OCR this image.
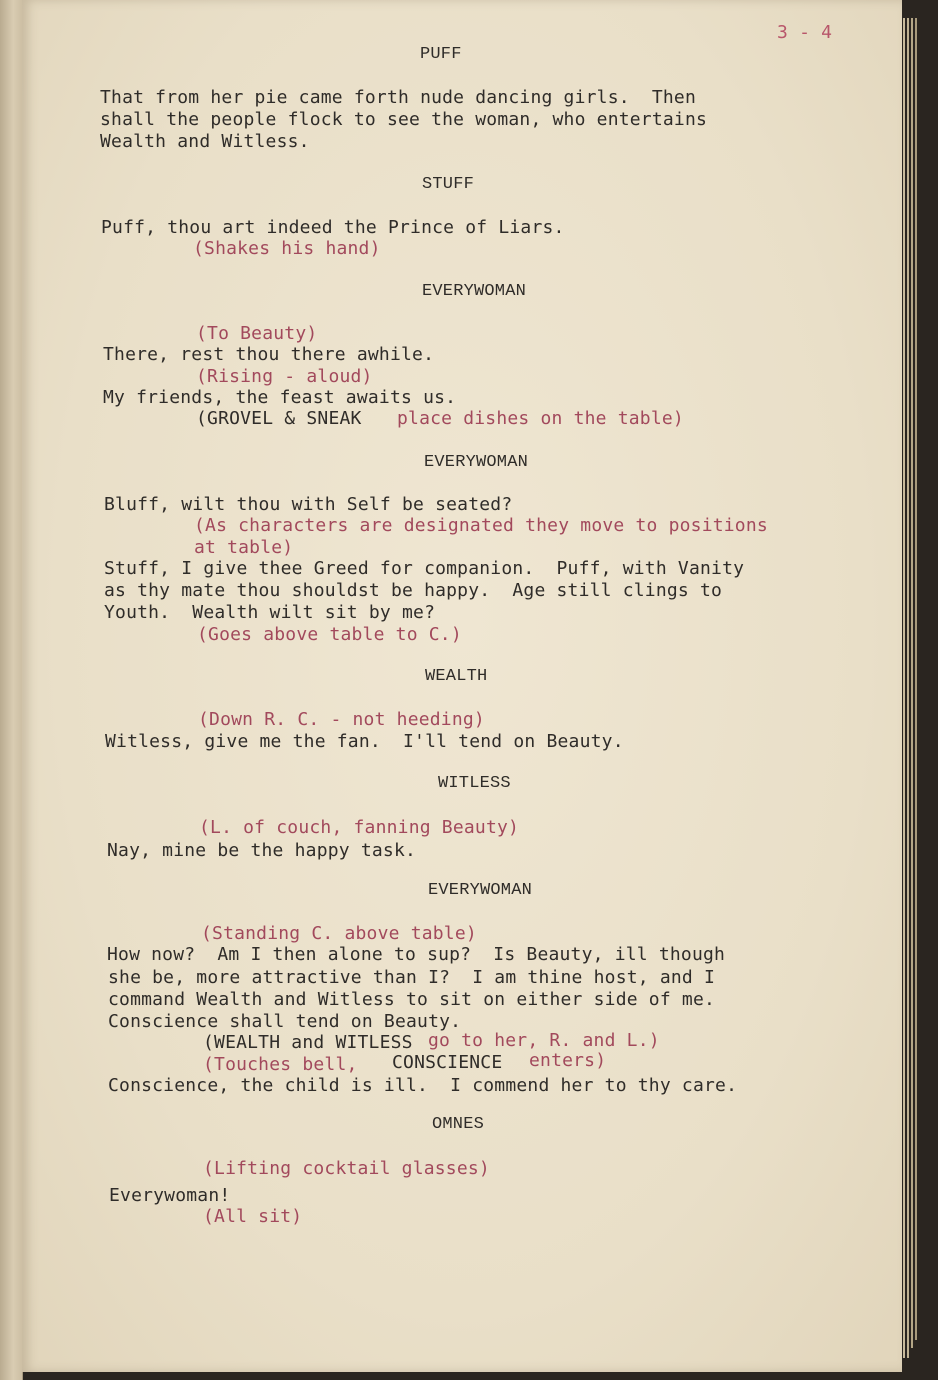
3 - 4
PUFF
That from her pie came forth nude dancing girls.  Then
shall the people flock to see the woman, who entertains
Wealth and Witless.
STUFF
Puff, thou art indeed the Prince of Liars.
(Shakes his hand)
EVERYWOMAN
(To Beauty)
There, rest thou there awhile.
(Rising - aloud)
My friends, the feast awaits us.
(GROVEL & SNEAK place dishes on the table)
EVERYWOMAN
Bluff, wilt thou with Self be seated?
(As characters are designated they move to positions
at table)
Stuff, I give thee Greed for companion.  Puff, with Vanity
as thy mate thou shouldst be happy.  Age still clings to
Youth.  Wealth wilt sit by me?
(Goes above table to C.)
WEALTH
(Down R. C. - not heeding)
Witless, give me the fan.  I'll tend on Beauty.
WITLESS
(L. of couch, fanning Beauty)
Nay, mine be the happy task.
EVERYWOMAN
(Standing C. above table)
How now?  Am I then alone to sup?  Is Beauty, ill though
she be, more attractive than I?  I am thine host, and I
command Wealth and Witless to sit on either side of me.
Conscience shall tend on Beauty.
(WEALTH and WITLESS go to her, R. and L.)
(Touches bell, CONSCIENCE enters)
Conscience, the child is ill.  I commend her to thy care.
OMNES
(Lifting cocktail glasses)
Everywoman!
(All sit)
